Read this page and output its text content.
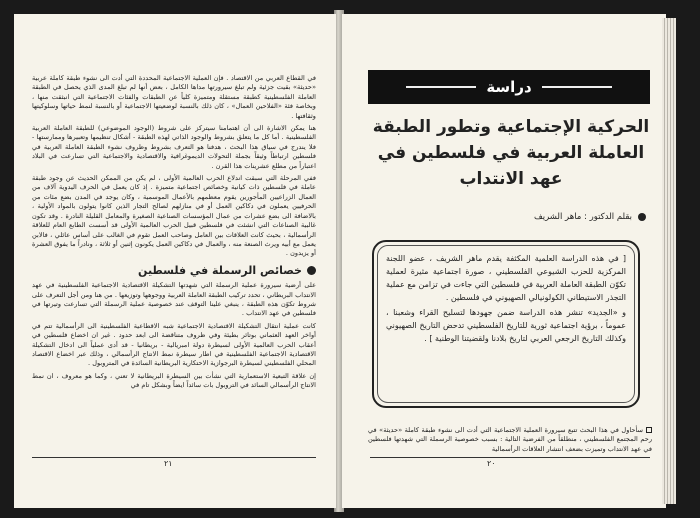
في القطاع العربي من الاقتصاد . فإن العملية الاجتماعية المحددة التي أدت الى نشوء طبقة كاملة عربية «حديثة» بقيت جزئية ولم تبلغ سيرورتها مداها الكامل ، بعض أنها لم تبلغ المدى الذي يحصل في الطبقة العاملة الفلسطينية كطبقة مستقلة ومتميزة كلياً عن الطبقات والفئات الاجتماعية التي انبثقت منها ، وبخاصة فئة «الفلاحين العمال» ، كان ذلك بالنسبة لوضعيتها الاجتماعية أو بالنسبة لنمط حياتها وسلوكيتها وثقافتها .

هنا يمكن الاشارة الى أن اهتمامنا سيتركز على شروط (الوجود الموضوعي) للطبقة العاملة العربية الفلسطينية . أما كل ما يتعلق بشروط والوجود الذاتي لهذه الطبقة - أشكال تنظيمها وتعبيرها وممارستها - فلا يندرج في سياق هذا البحث ، هدفنا هو التعرف بشروط وظروف نشوء الطبقة العاملة العربية في فلسطين ارتباطاً وثيقاً بجملة التحولات الديموغرافية والاقتصادية والاجتماعية التي تسارعت في البلاد اعتباراً من مطلع عشرينات هذا القرن .

ففي المرحلة التي سبقت اندلاع الحرب العالمية الأولى ، لم يكن من الممكن الحديث عن وجود طبقة عاملة في فلسطين ذات كيانية وخصائص اجتماعية متميزة . إذ كان يعمل في الحرف اليدوية آلاف من العمال الزراعيين المأجورين يقوم معظمهم بالأعمال الموسمية ، وكان يوجد في المدن بضع مئات من الحرفيين يعملون في دكاكين العمل أو في منازلهم لصالح التجار الذين كانوا يتولون بالمواد الأولية ، بالاضافة الى بضع عشرات من عمال المؤسسات الصناعية الصغيرة والمعامل القليلة النادرة . وقد تكون غالبية الصناعات التي انشئت في فلسطين قبيل الحرب العالمية الأولى قد أسست الطابع العام للعلاقة الرأسمالية ، بحيث كانت العلاقات بين العامل وصاحب العمل تقوم في الغالب على أساس عائلي ، فالابن يعمل مع أبيه ويرث الصنعة منه ، والعمال في دكاكين العمل يكونون إثنين أو ثلاثة ، ونادراً ما يفوق العشرة أو يزيدون .

خصائص الرسملة في فلسطين

على أرضية سيرورة عملية الرسملة التي شهدتها التشكيلة الاقتصادية الاجتماعية الفلسطينية في عهد الانتداب البريطاني ، تحدد تركيب الطبقة العاملة العربية ووجوهها وتوزيعها . من هنا ومن أجل التعرف على شروط تكوّن هذه الطبقة ، ينبغي علينا التوقف عند خصوصية عملية الرسملة التي تسارعت وتيرتها في فلسطين في عهد الانتداب .

كانت عملية انتقال التشكيلة الاقتصادية الاجتماعية شبه الاقطاعية الفلسطينية الى الرأسمالية تتم في أواخر العهد العثماني بوتائر بطيئة وفي ظروف متناقضة الى ابعد حدود . غير ان اخضاع فلسطين في أعقاب الحرب العالمية الأولى لسيطرة دولة امبريالية - بريطانيا - قد أدى عملياً الى ادخال التشكيلة الاقتصادية الاجتماعية الفلسطينية في اطار سيطرة نمط الانتاج الرأسمالي ، وذلك عبر اخضاع الاقتصاد المحلي الفلسطيني لسيطرة البرجوازية الاحتكارية البريطانية السائدة في المتروبول .

إن علاقة التبعية الاستعمارية التي نشأت بين السيطرة البريطانية لا تعني ، وكما هو معروف ، ان نمط الانتاج الرأسمالي السائد في التروبول بات سائداً ايضاً وبشكل تام في

٢١
دراسة
الحركية الإجتماعية وتطور الطبقة العاملة العربية في فلسطين في عهد الانتداب
بقلم الدكتور : ماهر الشريف

[ في هذه الدراسة العلمية المكثفة يقدم ماهر الشريف ، عضو اللجنة المركزية للحزب الشيوعي الفلسطيني ، صورة اجتماعية مثيرة لعملية تكوّن الطبقة العاملة العربية في فلسطين التي جاءت في تزامن مع عملية التجذر الاستيطاني الكولونيالي الصهيوني في فلسطين .

و «الجديد» تنشر هذه الدراسة ضمن جهودها لتسليح القراء وشعبنا ، عموماً ، برؤية اجتماعية ثورية للتاريخ الفلسطيني تدحض التاريخ الصهيوني وكذلك التاريخ الرجعي العربي لتاريخ بلادنا ولقضيتنا الوطنية ] .

سأحاول في هذا البحث تتبع سيرورة العملية الاجتماعية التي أدت الى نشوء طبقة كاملة «حديثة» في رحم المجتمع الفلسطيني ، منطلقاً من الفرضية التالية : بسبب خصوصية الرسملة التي شهدتها فلسطين في عهد الانتداب وتميزت بضعف انتشار العلاقات الرأسمالية
٢٠
